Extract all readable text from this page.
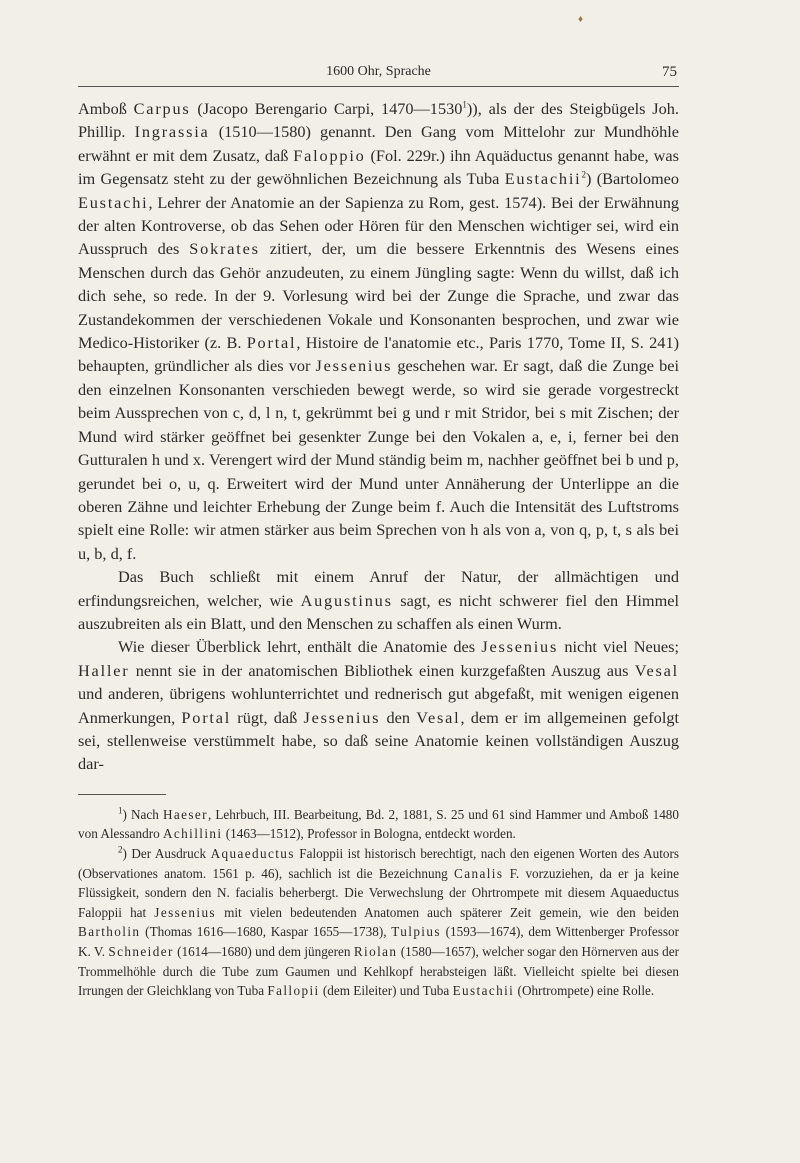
♦
1600 Ohr, Sprache	75

Amboß Carpus (Jacopo Berengario Carpi, 1470—1530$^1$)), als der des Steigbügels Joh. Phillip. Ingrassia (1510—1580) genannt. Den Gang vom Mittelohr zur Mundhöhle erwähnt er mit dem Zusatz, daß Faloppio (Fol. 229r.) ihn Aquäductus genannt habe, was im Gegensatz steht zu der gewöhnlichen Bezeichnung als Tuba Eustachii$^2$) (Bartolomeo Eustachi, Lehrer der Anatomie an der Sapienza zu Rom, gest. 1574). Bei der Erwähnung der alten Kontroverse, ob das Sehen oder Hören für den Menschen wichtiger sei, wird ein Ausspruch des Sokrates zitiert, der, um die bessere Erkenntnis des Wesens eines Menschen durch das Gehör anzudeuten, zu einem Jüngling sagte: Wenn du willst, daß ich dich sehe, so rede. In der 9. Vorlesung wird bei der Zunge die Sprache, und zwar das Zustandekommen der verschiedenen Vokale und Konsonanten besprochen, und zwar wie Medico-Historiker (z. B. Portal, Histoire de l'anatomie etc., Paris 1770, Tome II, S. 241) behaupten, gründlicher als dies vor Jessenius geschehen war. Er sagt, daß die Zunge bei den einzelnen Konsonanten verschieden bewegt werde, so wird sie gerade vorgestreckt beim Aussprechen von c, d, l n, t, gekrümmt bei g und r mit Stridor, bei s mit Zischen; der Mund wird stärker geöffnet bei gesenkter Zunge bei den Vokalen a, e, i, ferner bei den Gutturalen h und x. Verengert wird der Mund ständig beim m, nachher geöffnet bei b und p, gerundet bei o, u, q. Erweitert wird der Mund unter Annäherung der Unterlippe an die oberen Zähne und leichter Erhebung der Zunge beim f. Auch die Intensität des Luftstroms spielt eine Rolle: wir atmen stärker aus beim Sprechen von h als von a, von q, p, t, s als bei u, b, d, f.

Das Buch schließt mit einem Anruf der Natur, der allmächtigen und erfindungsreichen, welcher, wie Augustinus sagt, es nicht schwerer fiel den Himmel auszubreiten als ein Blatt, und den Menschen zu schaffen als einen Wurm.

Wie dieser Überblick lehrt, enthält die Anatomie des Jessenius nicht viel Neues; Haller nennt sie in der anatomischen Bibliothek einen kurzgefaßten Auszug aus Vesal und anderen, übrigens wohlunterrichtet und rednerisch gut abgefaßt, mit wenigen eigenen Anmerkungen, Portal rügt, daß Jessenius den Vesal, dem er im allgemeinen gefolgt sei, stellenweise verstümmelt habe, so daß seine Anatomie keinen vollständigen Auszug dar-

$^1$) Nach Haeser, Lehrbuch, III. Bearbeitung, Bd. 2, 1881, S. 25 und 61 sind Hammer und Amboß 1480 von Alessandro Achillini (1463—1512), Professor in Bologna, entdeckt worden.

$^2$) Der Ausdruck Aquaeductus Faloppii ist historisch berechtigt, nach den eigenen Worten des Autors (Observationes anatom. 1561 p. 46), sachlich ist die Bezeichnung Canalis F. vorzuziehen, da er ja keine Flüssigkeit, sondern den N. facialis beherbergt. Die Verwechslung der Ohrtrompete mit diesem Aquaeductus Faloppii hat Jessenius mit vielen bedeutenden Anatomen auch späterer Zeit gemein, wie den beiden Bartholin (Thomas 1616—1680, Kaspar 1655—1738), Tulpius (1593—1674), dem Wittenberger Professor K. V. Schneider (1614—1680) und dem jüngeren Riolan (1580—1657), welcher sogar den Hörnerven aus der Trommelhöhle durch die Tube zum Gaumen und Kehlkopf herabsteigen läßt. Vielleicht spielte bei diesen Irrungen der Gleichklang von Tuba Fallopii (dem Eileiter) und Tuba Eustachii (Ohrtrompete) eine Rolle.
